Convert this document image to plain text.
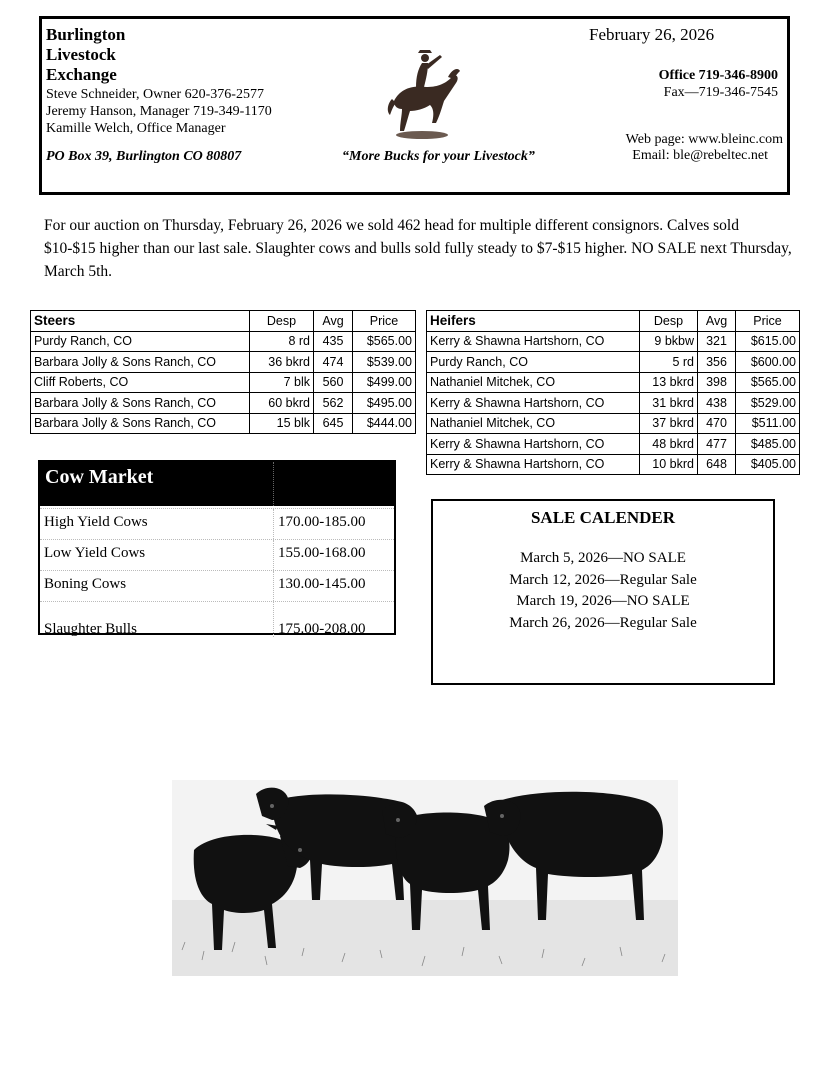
Burlington
Livestock
Exchange
Steve Schneider, Owner 620-376-2577
Jeremy Hanson, Manager 719-349-1170
Kamille Welch, Office Manager
PO Box 39, Burlington CO 80807	“More Bucks for your Livestock”
February 26, 2026
Office 719-346-8900
Fax—719-346-7545
Web page: www.bleinc.com
Email: ble@rebeltec.net
For our auction on Thursday, February 26, 2026 we sold 462 head for multiple different consignors. Calves sold $10-$15 higher than our last sale. Slaughter cows and bulls sold fully steady to $7-$15 higher. NO SALE next Thursday, March 5th.
Steers	Desp	Avg	Price
Purdy Ranch, CO	8 rd	435	$565.00
Barbara Jolly & Sons Ranch, CO	36 bkrd	474	$539.00
Cliff Roberts, CO	7 blk	560	$499.00
Barbara Jolly & Sons Ranch, CO	60 bkrd	562	$495.00
Barbara Jolly & Sons Ranch, CO	15 blk	645	$444.00
Heifers	Desp	Avg	Price
Kerry & Shawna Hartshorn, CO	9 bkbw	321	$615.00
Purdy Ranch, CO	5 rd	356	$600.00
Nathaniel Mitchek, CO	13 bkrd	398	$565.00
Kerry & Shawna Hartshorn, CO	31 bkrd	438	$529.00
Nathaniel Mitchek, CO	37 bkrd	470	$511.00
Kerry & Shawna Hartshorn, CO	48 bkrd	477	$485.00
Kerry & Shawna Hartshorn, CO	10 bkrd	648	$405.00
Cow Market
High Yield Cows	170.00-185.00
Low Yield Cows	155.00-168.00
Boning Cows	130.00-145.00
Slaughter Bulls	175.00-208.00
SALE CALENDER
March 5, 2026—NO SALE
March 12, 2026—Regular Sale
March 19, 2026—NO SALE
March 26, 2026—Regular Sale
